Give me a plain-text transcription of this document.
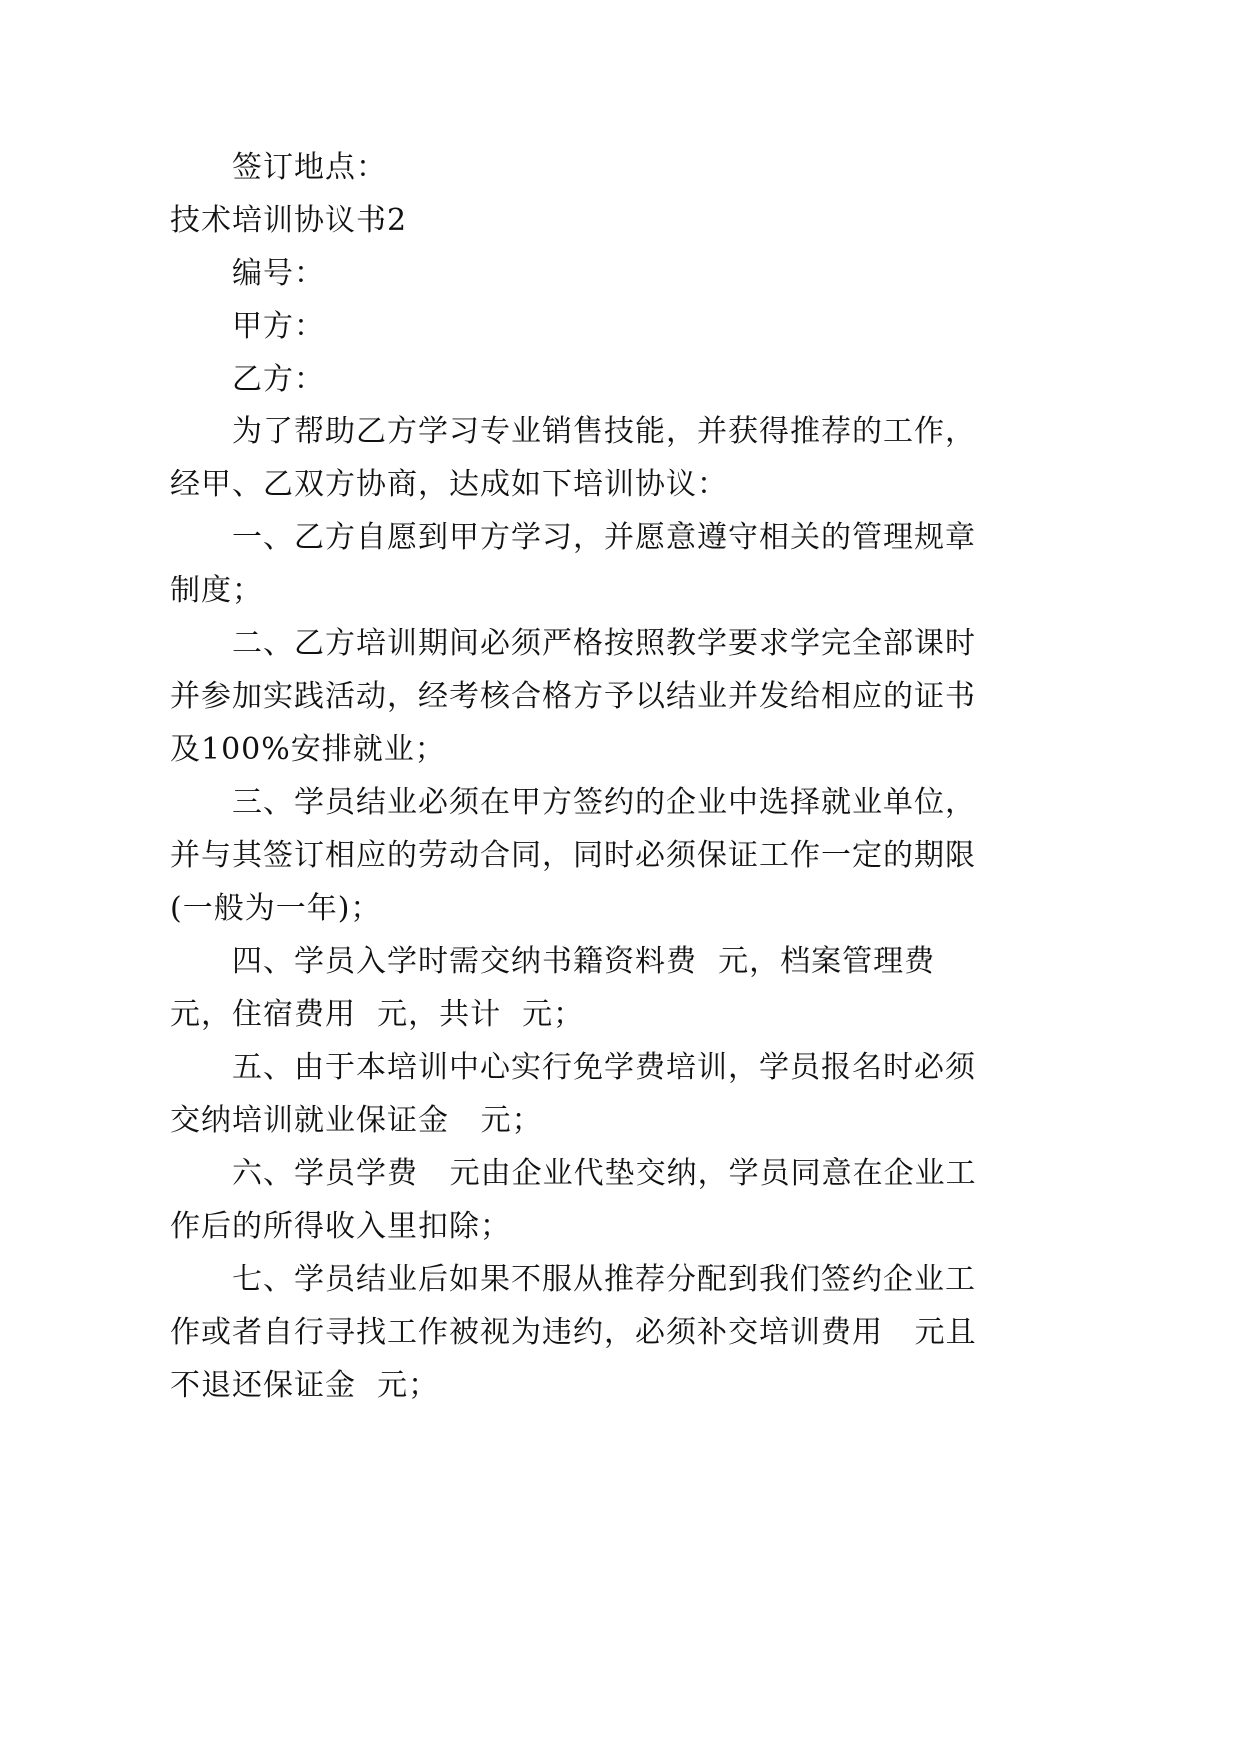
签订地点：
技术培训协议书2
编号：
甲方：
乙方：
为了帮助乙方学习专业销售技能，并获得推荐的工作，
经甲、乙双方协商，达成如下培训协议：
一、乙方自愿到甲方学习，并愿意遵守相关的管理规章
制度；
二、乙方培训期间必须严格按照教学要求学完全部课时
并参加实践活动，经考核合格方予以结业并发给相应的证书
及100%安排就业；
三、学员结业必须在甲方签约的企业中选择就业单位，
并与其签订相应的劳动合同，同时必须保证工作一定的期限
(一般为一年)；
四、学员入学时需交纳书籍资料费  元，档案管理费
元，住宿费用  元，共计  元；
五、由于本培训中心实行免学费培训，学员报名时必须
交纳培训就业保证金   元；
六、学员学费   元由企业代垫交纳，学员同意在企业工
作后的所得收入里扣除；
七、学员结业后如果不服从推荐分配到我们签约企业工
作或者自行寻找工作被视为违约，必须补交培训费用   元且
不退还保证金  元；
